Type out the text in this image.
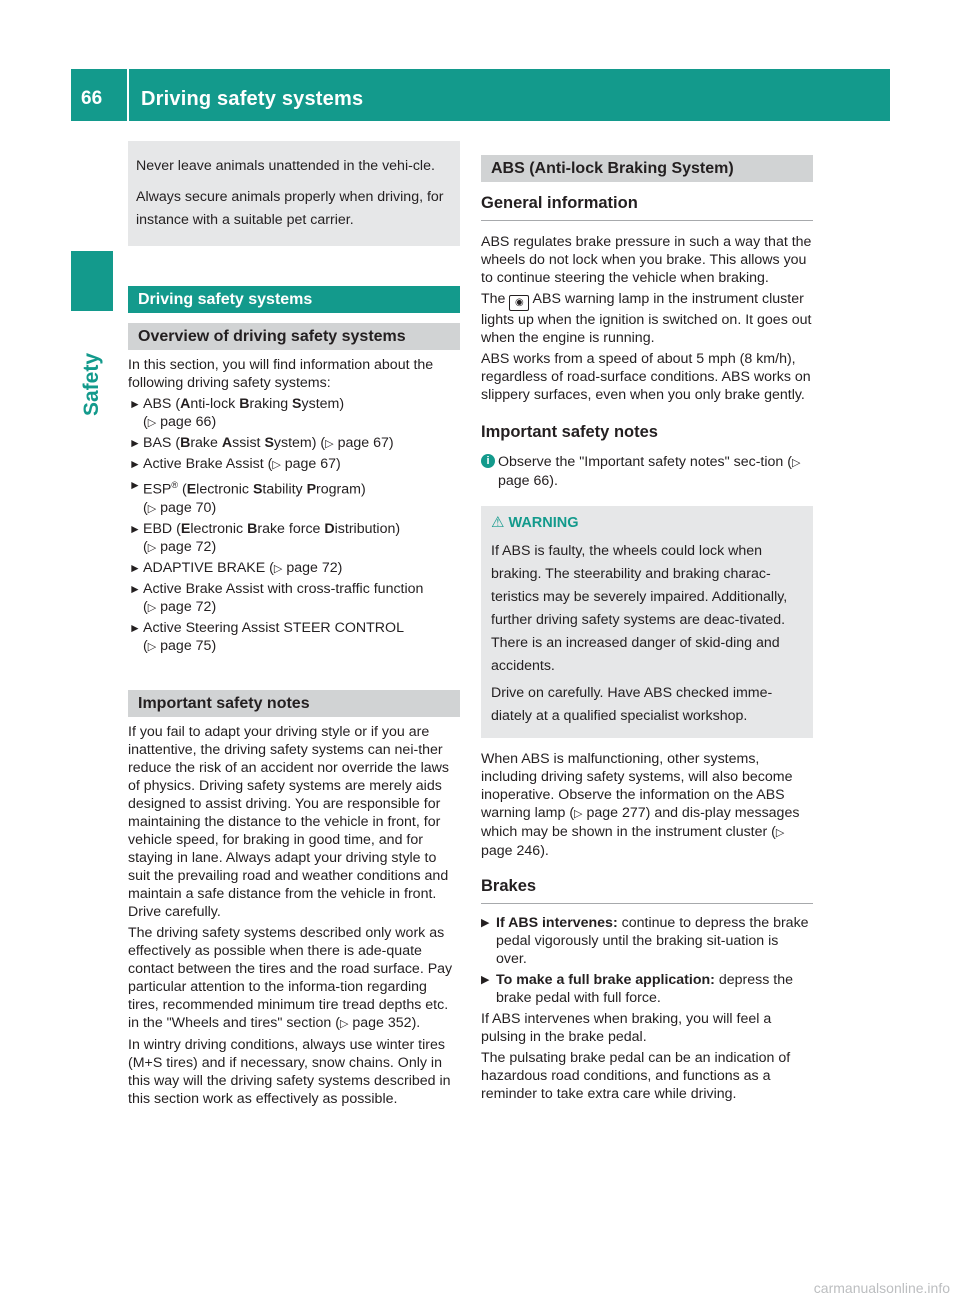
66 Driving safety systems
Safety

Never leave animals unattended in the vehi-cle.

Always secure animals properly when driving, for instance with a suitable pet carrier.

Driving safety systems
Overview of driving safety systems

In this section, you will find information about the following driving safety systems:

► ABS (Anti-lock Braking System)
(▷ page 66)
► BAS (Brake Assist System) (▷ page 67)
► Active Brake Assist (▷ page 67)
► ESP® (Electronic Stability Program)
(▷ page 70)
► EBD (Electronic Brake force Distribution)
(▷ page 72)
► ADAPTIVE BRAKE (▷ page 72)
► Active Brake Assist with cross-traffic function
(▷ page 72)
► Active Steering Assist STEER CONTROL
(▷ page 75)
Important safety notes

If you fail to adapt your driving style or if you are inattentive, the driving safety systems can nei-ther reduce the risk of an accident nor override the laws of physics. Driving safety systems are merely aids designed to assist driving. You are responsible for maintaining the distance to the vehicle in front, for vehicle speed, for braking in good time, and for staying in lane. Always adapt your driving style to suit the prevailing road and weather conditions and maintain a safe distance from the vehicle in front. Drive carefully.

The driving safety systems described only work as effectively as possible when there is ade-quate contact between the tires and the road surface. Pay particular attention to the informa-tion regarding tires, recommended minimum tire tread depths etc. in the "Wheels and tires" section (▷ page 352).

In wintry driving conditions, always use winter tires (M+S tires) and if necessary, snow chains. Only in this way will the driving safety systems described in this section work as effectively as possible.

ABS (Anti-lock Braking System)
General information

ABS regulates brake pressure in such a way that the wheels do not lock when you brake. This allows you to continue steering the vehicle when braking.

The ◉ ABS warning lamp in the instrument cluster lights up when the ignition is switched on. It goes out when the engine is running.

ABS works from a speed of about 5 mph (8 km/h), regardless of road-surface conditions. ABS works on slippery surfaces, even when you only brake gently.

Important safety notes
i Observe the "Important safety notes" sec-tion (▷ page 66).
⚠ WARNING

If ABS is faulty, the wheels could lock when braking. The steerability and braking charac-teristics may be severely impaired. Additionally, further driving safety systems are deac-tivated. There is an increased danger of skid-ding and accidents.

Drive on carefully. Have ABS checked imme-diately at a qualified specialist workshop.

When ABS is malfunctioning, other systems, including driving safety systems, will also become inoperative. Observe the information on the ABS warning lamp (▷ page 277) and dis-play messages which may be shown in the instrument cluster (▷ page 246).

Brakes
▶ If ABS intervenes: continue to depress the brake pedal vigorously until the braking sit-uation is over.
▶ To make a full brake application: depress the brake pedal with full force.

If ABS intervenes when braking, you will feel a pulsing in the brake pedal.

The pulsating brake pedal can be an indication of hazardous road conditions, and functions as a reminder to take extra care while driving.

carmanualsonline.info
